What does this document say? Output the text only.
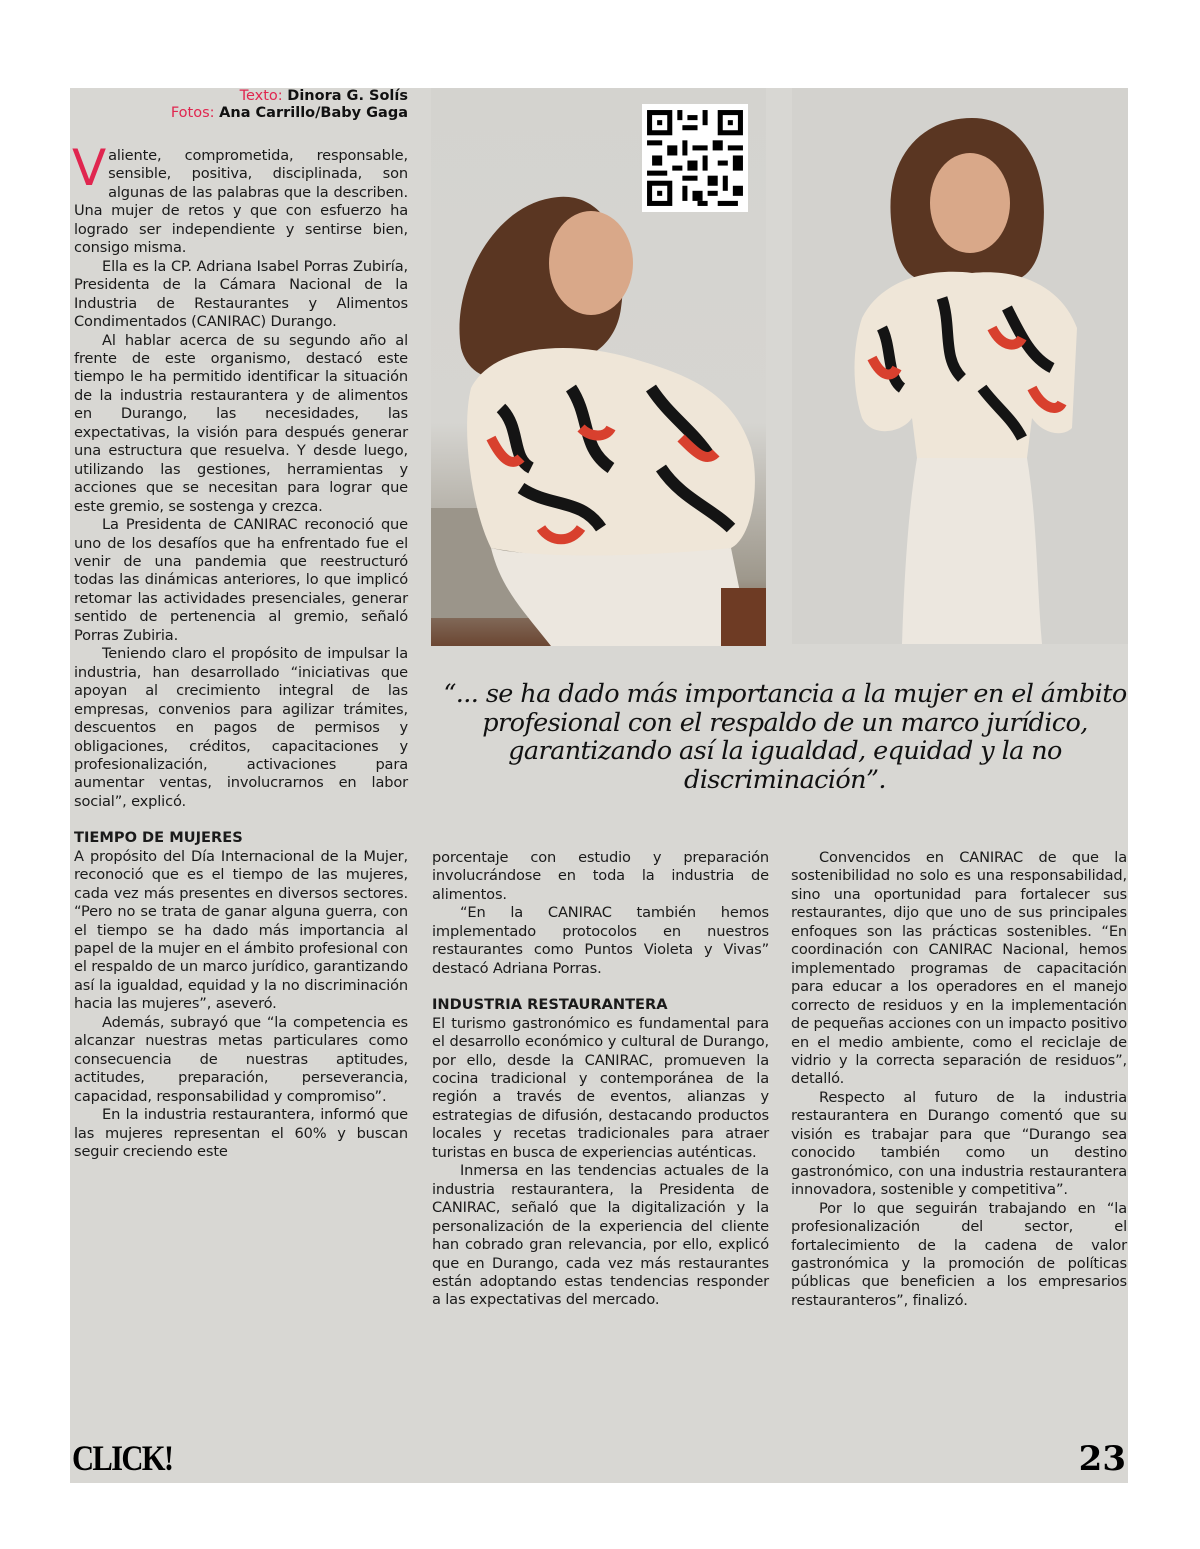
Texto: Dinora G. Solís
Fotos: Ana Carrillo/Baby Gaga

Valiente, comprometida, responsable, sensible, positiva, disciplinada, son algunas de las palabras que la describen. Una mujer de retos y que con esfuerzo ha logrado ser independiente y sentirse bien, consigo misma.

Ella es la CP. Adriana Isabel Porras Zubiría, Presidenta de la Cámara Nacional de la Industria de Restaurantes y Alimentos Condimentados (CANIRAC) Durango.

Al hablar acerca de su segundo año al frente de este organismo, destacó este tiempo le ha permitido identificar la situación de la industria restaurantera y de alimentos en Durango, las necesidades, las expectativas, la visión para después generar una estructura que resuelva. Y desde luego, utilizando las gestiones, herramientas y acciones que se necesitan para lograr que este gremio, se sostenga y crezca.

La Presidenta de CANIRAC reconoció que uno de los desafíos que ha enfrentado fue el venir de una pandemia que reestructuró todas las dinámicas anteriores, lo que implicó retomar las actividades presenciales, generar sentido de pertenencia al gremio, señaló Porras Zubiria.

Teniendo claro el propósito de impulsar la industria, han desarrollado “iniciativas que apoyan al crecimiento integral de las empresas, convenios para agilizar trámites, descuentos en pagos de permisos y obligaciones, créditos, capacitaciones y profesionalización, activaciones para aumentar ventas, involucrarnos en labor social”, explicó.

TIEMPO DE MUJERES

A propósito del Día Internacional de la Mujer, reconoció que es el tiempo de las mujeres, cada vez más presentes en diversos sectores. “Pero no se trata de ganar alguna guerra, con el tiempo se ha dado más importancia al papel de la mujer en el ámbito profesional con el respaldo de un marco jurídico, garantizando así la igualdad, equidad y la no discriminación hacia las mujeres”, aseveró.

Además, subrayó que “la competencia es alcanzar nuestras metas particulares como consecuencia de nuestras aptitudes, actitudes, preparación, perseverancia, capacidad, responsabilidad y compromiso”.

En la industria restaurantera, informó que las mujeres representan el 60% y buscan seguir creciendo este

“... se ha dado más importancia a la mujer en el ámbito profesional con el respaldo de un marco jurídico, garantizando así la igualdad, equidad y la no discriminación”.

porcentaje con estudio y preparación involucrándose en toda la industria de alimentos.

“En la CANIRAC también hemos implementado protocolos en nuestros restaurantes como Puntos Violeta y Vivas” destacó Adriana Porras.

INDUSTRIA RESTAURANTERA

El turismo gastronómico es fundamental para el desarrollo económico y cultural de Durango, por ello, desde la CANIRAC, promueven la cocina tradicional y contemporánea de la región a través de eventos, alianzas y estrategias de difusión, destacando productos locales y recetas tradicionales para atraer turistas en busca de experiencias auténticas.

Inmersa en las tendencias actuales de la industria restaurantera, la Presidenta de CANIRAC, señaló que la digitalización y la personalización de la experiencia del cliente han cobrado gran relevancia, por ello, explicó que en Durango, cada vez más restaurantes están adoptando estas tendencias responder a las expectativas del mercado.

Convencidos en CANIRAC de que la sostenibilidad no solo es una responsabilidad, sino una oportunidad para fortalecer sus restaurantes, dijo que uno de sus principales enfoques son las prácticas sostenibles. “En coordinación con CANIRAC Nacional, hemos implementado programas de capacitación para educar a los operadores en el manejo correcto de residuos y en la implementación de pequeñas acciones con un impacto positivo en el medio ambiente, como el reciclaje de vidrio y la correcta separación de residuos”, detalló.

Respecto al futuro de la industria restaurantera en Durango comentó que su visión es trabajar para que “Durango sea conocido también como un destino gastronómico, con una industria restaurantera innovadora, sostenible y competitiva”.

Por lo que seguirán trabajando en “la profesionalización del sector, el fortalecimiento de la cadena de valor gastronómica y la promoción de políticas públicas que beneficien a los empresarios restauranteros”, finalizó.

CLICK!	23
